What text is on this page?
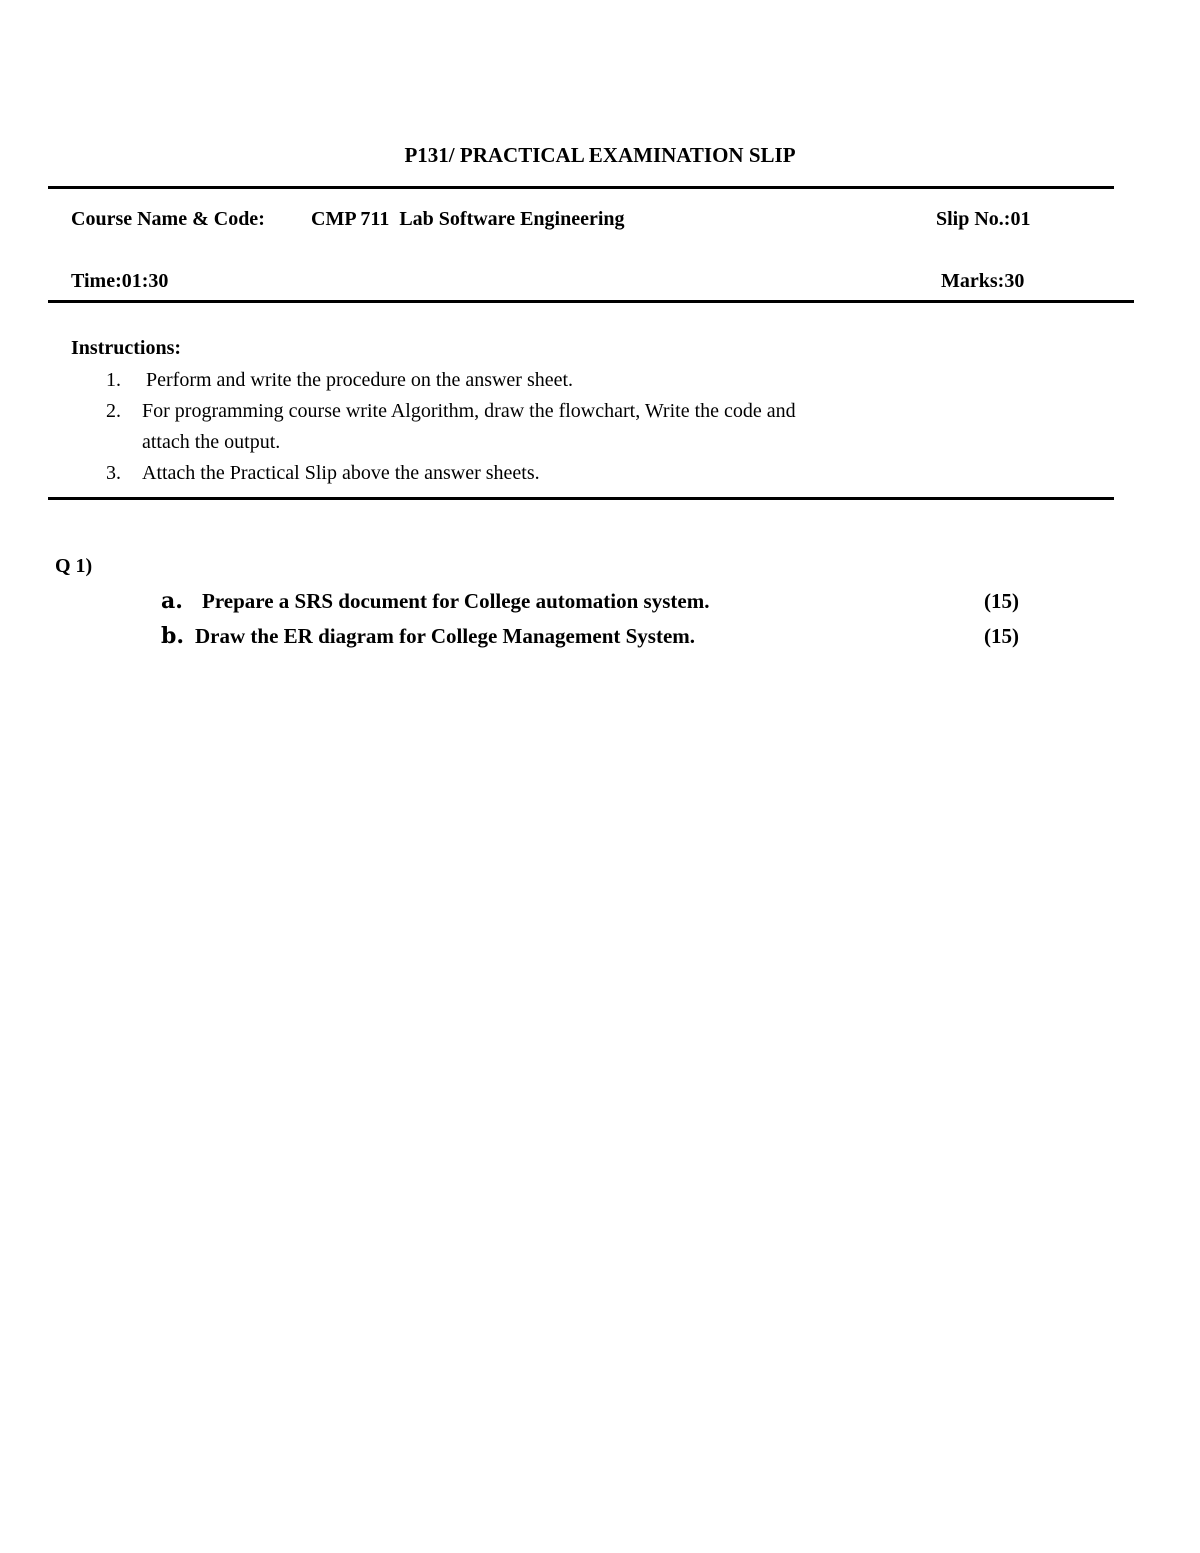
P131/ PRACTICAL EXAMINATION SLIP
Course Name & Code: CMP 711  Lab Software Engineering	Slip No.:01
Time:01:30	Marks:30
Instructions:
1. Perform and write the procedure on the answer sheet.
2. For programming course write Algorithm, draw the flowchart, Write the code and
attach the output.
3. Attach the Practical Slip above the answer sheets.
Q 1)
a. Prepare a SRS document for College automation system.	(15)
b. Draw the ER diagram for College Management System.	(15)
